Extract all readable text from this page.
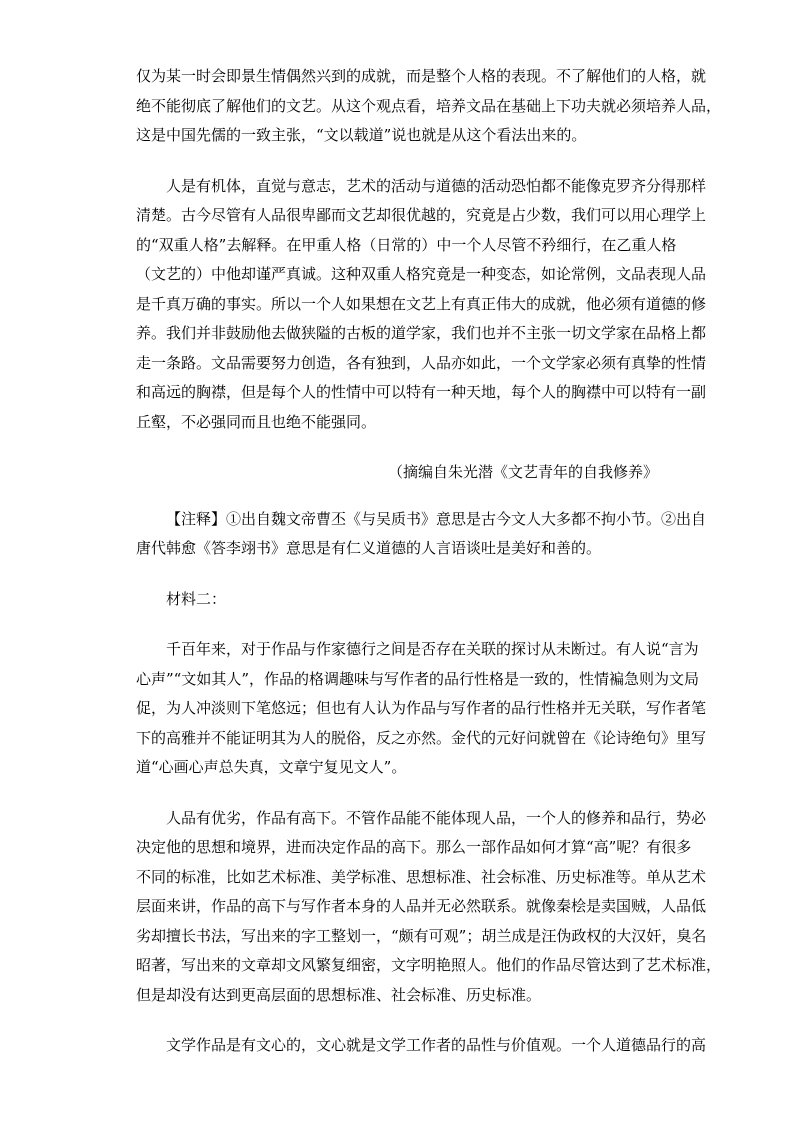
仅为某一时会即景生情偶然兴到的成就，而是整个人格的表现。不了解他们的人格，就
绝不能彻底了解他们的文艺。从这个观点看，培养文品在基础上下功夫就必须培养人品，
这是中国先儒的一致主张，“文以载道”说也就是从这个看法出来的。
人是有机体，直觉与意志，艺术的活动与道德的活动恐怕都不能像克罗齐分得那样
清楚。古今尽管有人品很卑鄙而文艺却很优越的，究竟是占少数，我们可以用心理学上
的“双重人格”去解释。在甲重人格（日常的）中一个人尽管不矜细行，在乙重人格
（文艺的）中他却谨严真诚。这种双重人格究竟是一种变态，如论常例，文品表现人品
是千真万确的事实。所以一个人如果想在文艺上有真正伟大的成就，他必须有道德的修
养。我们并非鼓励他去做狭隘的古板的道学家，我们也并不主张一切文学家在品格上都
走一条路。文品需要努力创造，各有独到，人品亦如此，一个文学家必须有真挚的性情
和高远的胸襟，但是每个人的性情中可以特有一种天地，每个人的胸襟中可以特有一副
丘壑，不必强同而且也绝不能强同。
（摘编自朱光潜《文艺青年的自我修养》
【注释】①出自魏文帝曹丕《与吴质书》意思是古今文人大多都不拘小节。②出自
唐代韩愈《答李翊书》意思是有仁义道德的人言语谈吐是美好和善的。
材料二：
千百年来，对于作品与作家德行之间是否存在关联的探讨从未断过。有人说“言为
心声”“文如其人”，作品的格调趣味与写作者的品行性格是一致的，性情褊急则为文局
促，为人冲淡则下笔悠远；但也有人认为作品与写作者的品行性格并无关联，写作者笔
下的高雅并不能证明其为人的脱俗，反之亦然。金代的元好问就曾在《论诗绝句》里写
道“心画心声总失真，文章宁复见文人”。
人品有优劣，作品有高下。不管作品能不能体现人品，一个人的修养和品行，势必
决定他的思想和境界，进而决定作品的高下。那么一部作品如何才算“高”呢？有很多
不同的标准，比如艺术标准、美学标准、思想标准、社会标准、历史标准等。单从艺术
层面来讲，作品的高下与写作者本身的人品并无必然联系。就像秦桧是卖国贼，人品低
劣却擅长书法，写出来的字工整划一，“颇有可观”；胡兰成是汪伪政权的大汉奸，臭名
昭著，写出来的文章却文风繁复细密，文字明艳照人。他们的作品尽管达到了艺术标准，
但是却没有达到更高层面的思想标准、社会标准、历史标准。
文学作品是有文心的，文心就是文学工作者的品性与价值观。一个人道德品行的高
